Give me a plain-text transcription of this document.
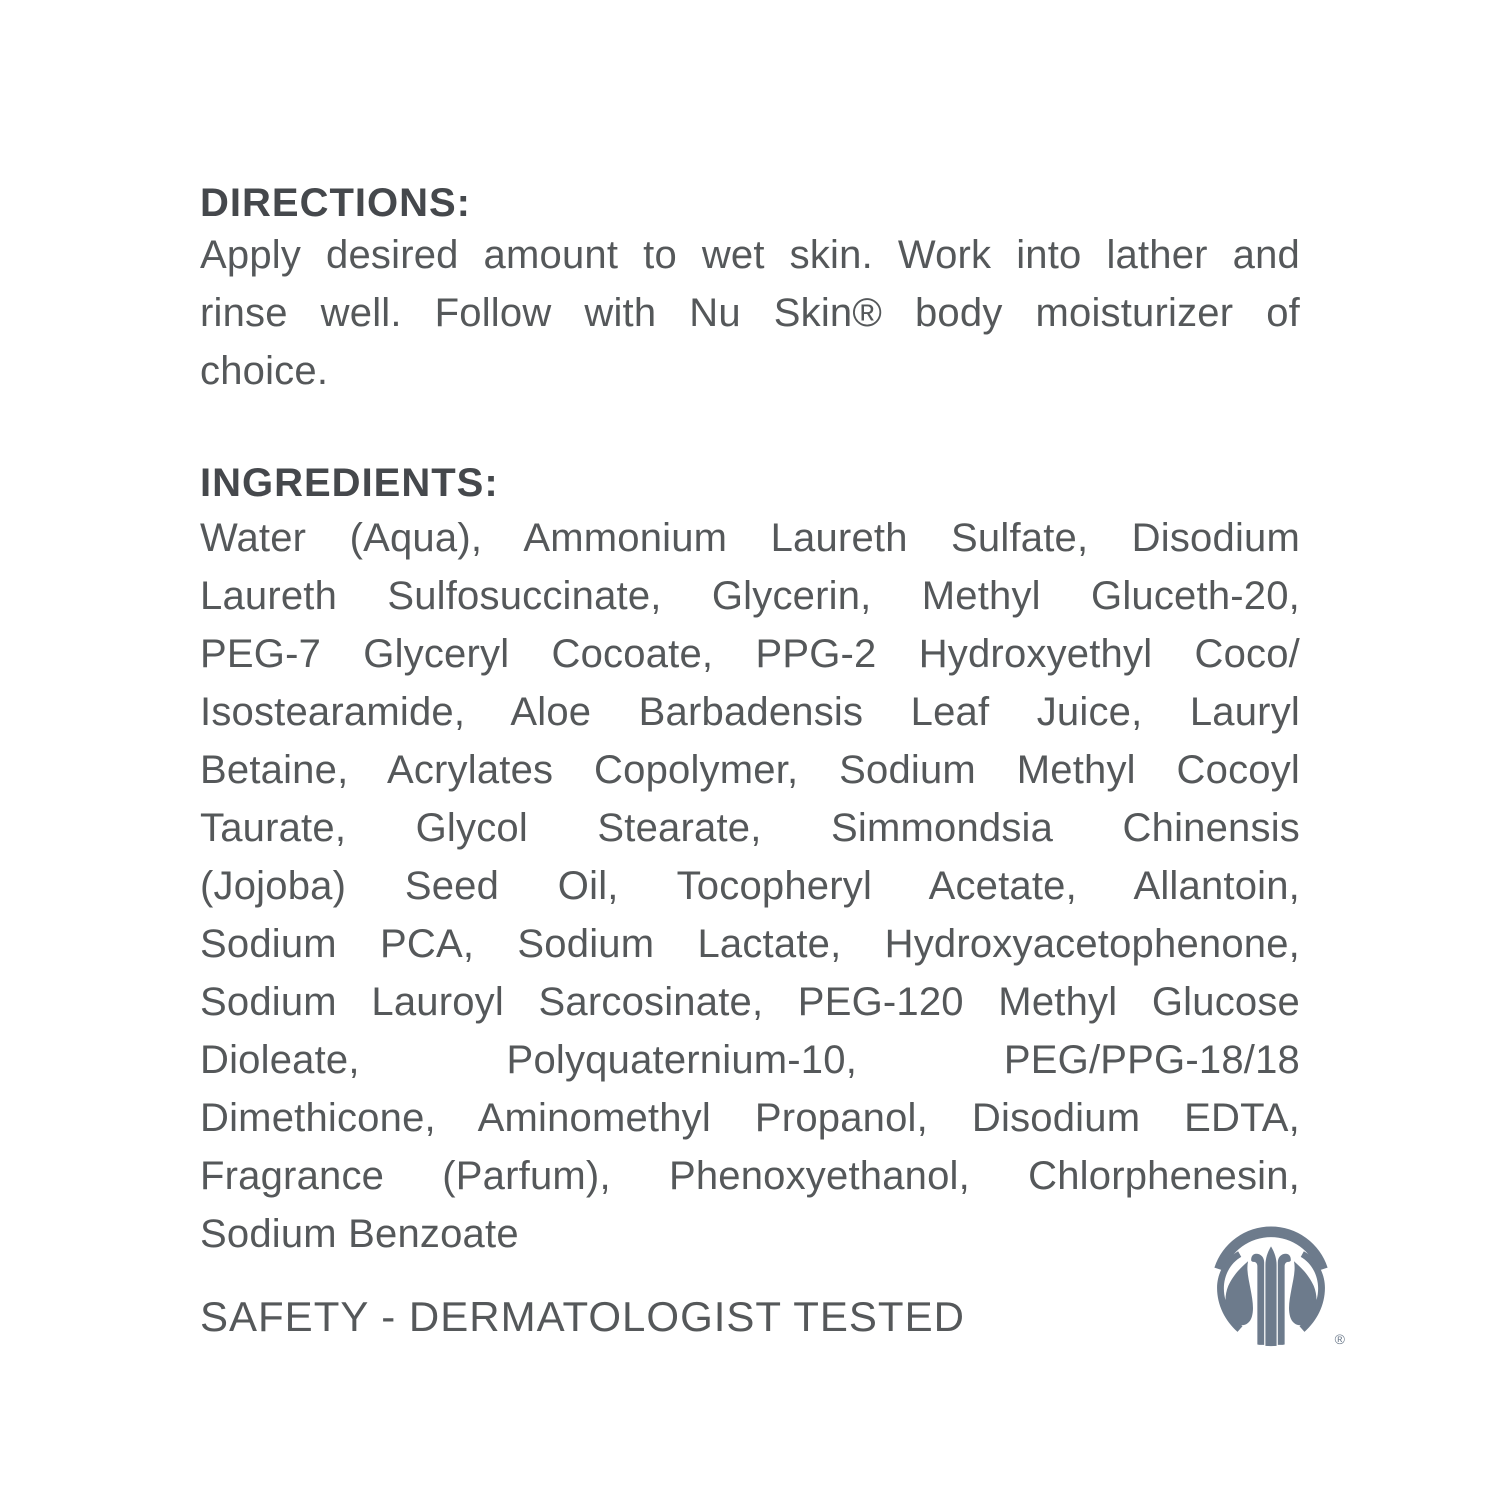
DIRECTIONS:
Apply desired amount to wet skin. Work into lather and
rinse well. Follow with Nu Skin® body moisturizer of
choice.
INGREDIENTS:
Water (Aqua), Ammonium Laureth Sulfate, Disodium
Laureth Sulfosuccinate, Glycerin, Methyl Gluceth-20,
PEG-7 Glyceryl Cocoate, PPG-2 Hydroxyethyl Coco/
Isostearamide, Aloe Barbadensis Leaf Juice, Lauryl
Betaine, Acrylates Copolymer, Sodium Methyl Cocoyl
Taurate, Glycol Stearate, Simmondsia Chinensis
(Jojoba) Seed Oil, Tocopheryl Acetate, Allantoin,
Sodium PCA, Sodium Lactate, Hydroxyacetophenone,
Sodium Lauroyl Sarcosinate, PEG-120 Methyl Glucose
Dioleate, Polyquaternium-10, PEG/PPG-18/18
Dimethicone, Aminomethyl Propanol, Disodium EDTA,
Fragrance (Parfum), Phenoxyethanol, Chlorphenesin,
Sodium Benzoate
SAFETY - DERMATOLOGIST TESTED	®
